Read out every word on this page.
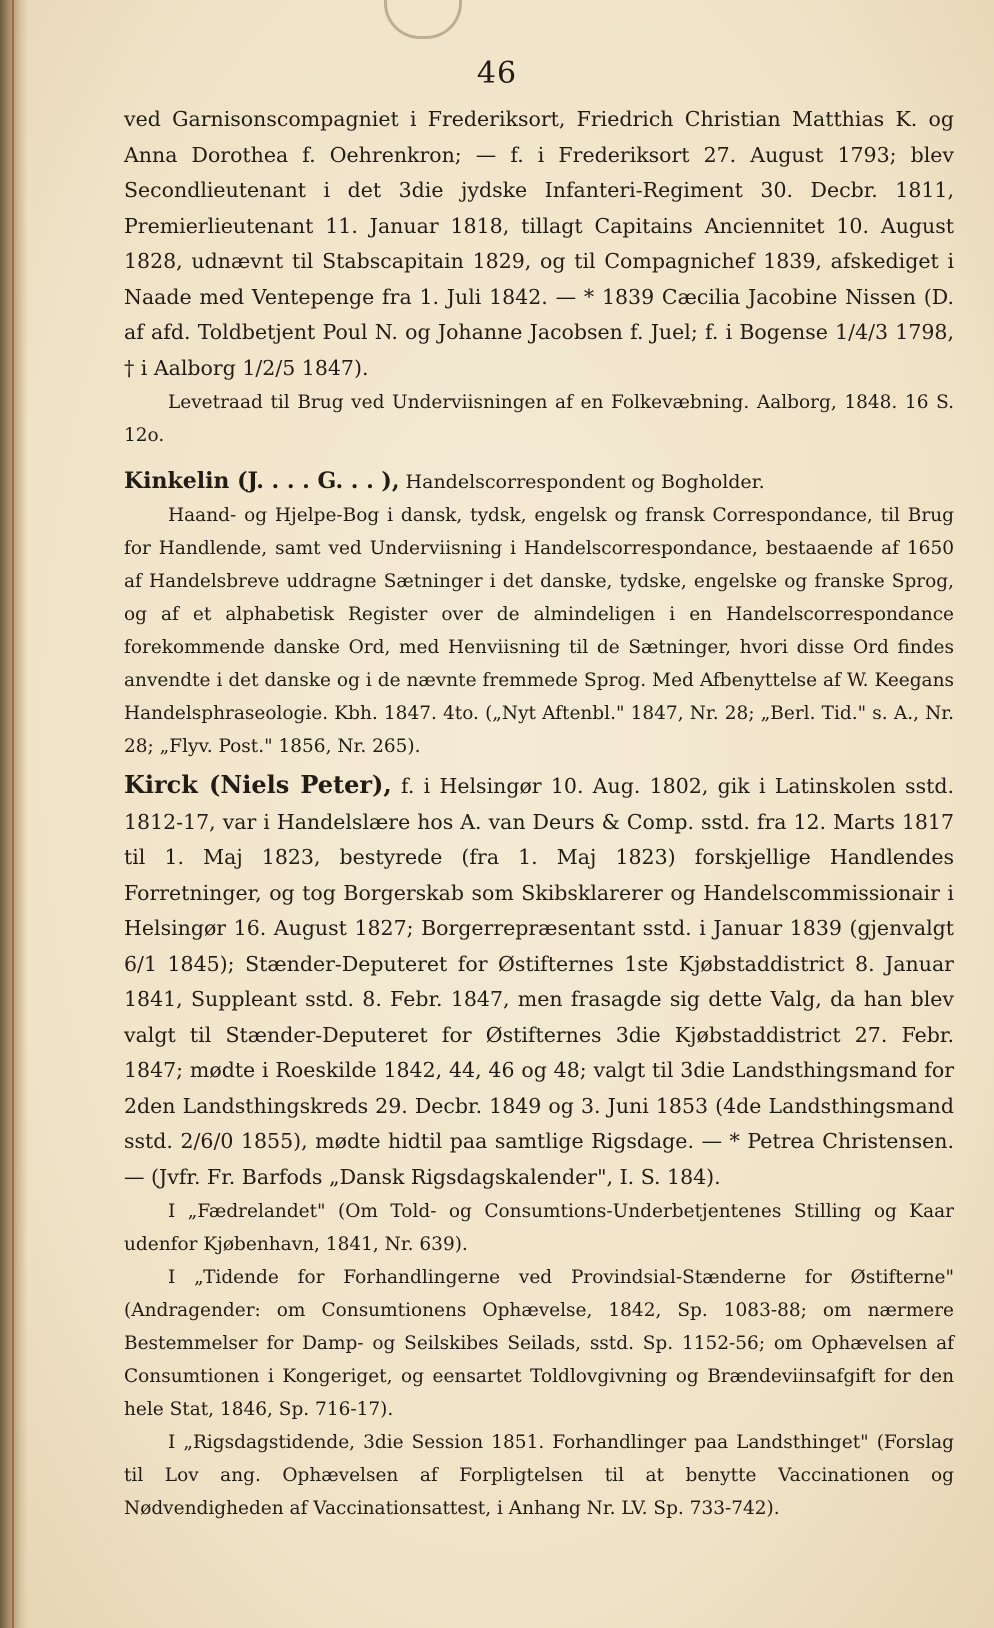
46

ved Garnisonscompagniet i Frederiksort, Friedrich Christian Matthias K. og Anna Dorothea f. Oehrenkron; — f. i Frederiksort 27. August 1793; blev Secondlieutenant i det 3die jydske Infanteri-Regiment 30. Decbr. 1811, Premierlieutenant 11. Januar 1818, tillagt Capitains Anciennitet 10. August 1828, udnævnt til Stabscapitain 1829, og til Compagnichef 1839, afskediget i Naade med Ventepenge fra 1. Juli 1842. — * 1839 Cæcilia Jacobine Nissen (D. af afd. Toldbetjent Poul N. og Johanne Jacobsen f. Juel; f. i Bogense 1/4/3 1798, † i Aalborg 1/2/5 1847).

Levetraad til Brug ved Underviisningen af en Folkevæbning. Aalborg, 1848. 16 S. 12o.

Kinkelin (J. . . . G. . . ), Handelscorrespondent og Bogholder.

Haand- og Hjelpe-Bog i dansk, tydsk, engelsk og fransk Correspondance, til Brug for Handlende, samt ved Underviisning i Handelscorrespondance, bestaaende af 1650 af Handelsbreve uddragne Sætninger i det danske, tydske, engelske og franske Sprog, og af et alphabetisk Register over de almindeligen i en Handelscorrespondance forekommende danske Ord, med Henviisning til de Sætninger, hvori disse Ord findes anvendte i det danske og i de nævnte fremmede Sprog. Med Afbenyttelse af W. Keegans Handelsphraseologie. Kbh. 1847. 4to. („Nyt Aftenbl." 1847, Nr. 28; „Berl. Tid." s. A., Nr. 28; „Flyv. Post." 1856, Nr. 265).

Kirck (Niels Peter), f. i Helsingør 10. Aug. 1802, gik i Latinskolen sstd. 1812-17, var i Handelslære hos A. van Deurs & Comp. sstd. fra 12. Marts 1817 til 1. Maj 1823, bestyrede (fra 1. Maj 1823) forskjellige Handlendes Forretninger, og tog Borgerskab som Skibsklarerer og Handelscommissionair i Helsingør 16. August 1827; Borgerrepræsentant sstd. i Januar 1839 (gjenvalgt 6/1 1845); Stænder-Deputeret for Østifternes 1ste Kjøbstaddistrict 8. Januar 1841, Suppleant sstd. 8. Febr. 1847, men frasagde sig dette Valg, da han blev valgt til Stænder-Deputeret for Østifternes 3die Kjøbstaddistrict 27. Febr. 1847; mødte i Roeskilde 1842, 44, 46 og 48; valgt til 3die Landsthingsmand for 2den Landsthingskreds 29. Decbr. 1849 og 3. Juni 1853 (4de Landsthingsmand sstd. 2/6/0 1855), mødte hidtil paa samtlige Rigsdage. — * Petrea Christensen. — (Jvfr. Fr. Barfods „Dansk Rigsdagskalender", I. S. 184).

I „Fædrelandet" (Om Told- og Consumtions-Underbetjentenes Stilling og Kaar udenfor Kjøbenhavn, 1841, Nr. 639).

I „Tidende for Forhandlingerne ved Provindsial-Stænderne for Østifterne" (Andragender: om Consumtionens Ophævelse, 1842, Sp. 1083-88; om nærmere Bestemmelser for Damp- og Seilskibes Seilads, sstd. Sp. 1152-56; om Ophævelsen af Consumtionen i Kongeriget, og eensartet Toldlovgivning og Brændeviinsafgift for den hele Stat, 1846, Sp. 716-17).

I „Rigsdagstidende, 3die Session 1851. Forhandlinger paa Landsthinget" (Forslag til Lov ang. Ophævelsen af Forpligtelsen til at benytte Vaccinationen og Nødvendigheden af Vaccinationsattest, i Anhang Nr. LV. Sp. 733-742).
